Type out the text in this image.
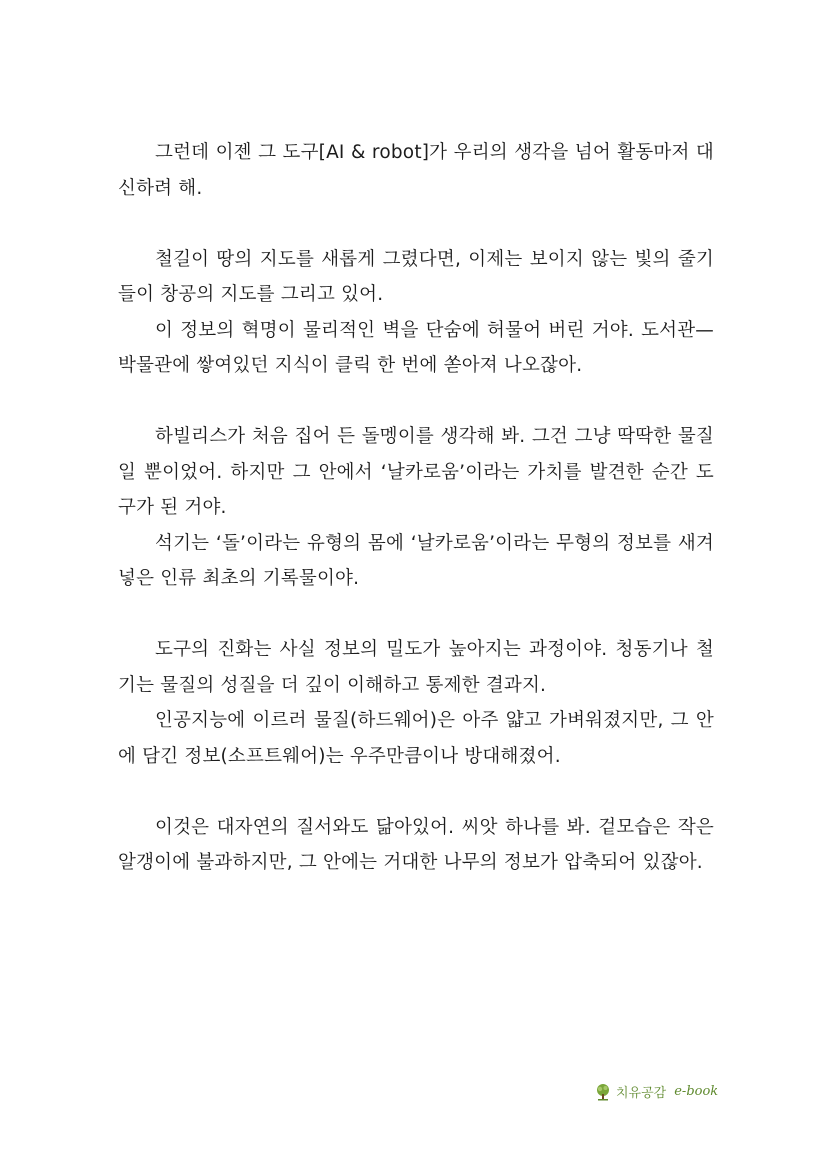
그런데 이젠 그 도구[AI & robot]가 우리의 생각을 넘어 활동마저 대신하려 해.

철길이 땅의 지도를 새롭게 그렸다면, 이제는 보이지 않는 빛의 줄기들이 창공의 지도를 그리고 있어.

이 정보의 혁명이 물리적인 벽을 단숨에 허물어 버린 거야. 도서관—박물관에 쌓여있던 지식이 클릭 한 번에 쏟아져 나오잖아.

하빌리스가 처음 집어 든 돌멩이를 생각해 봐. 그건 그냥 딱딱한 물질일 뿐이었어. 하지만 그 안에서 ‘날카로움’이라는 가치를 발견한 순간 도구가 된 거야.

석기는 ‘돌’이라는 유형의 몸에 ‘날카로움’이라는 무형의 정보를 새겨 넣은 인류 최초의 기록물이야.

도구의 진화는 사실 정보의 밀도가 높아지는 과정이야. 청동기나 철기는 물질의 성질을 더 깊이 이해하고 통제한 결과지.

인공지능에 이르러 물질(하드웨어)은 아주 얇고 가벼워졌지만, 그 안에 담긴 정보(소프트웨어)는 우주만큼이나 방대해졌어.

이것은 대자연의 질서와도 닮아있어. 씨앗 하나를 봐. 겉모습은 작은 알갱이에 불과하지만, 그 안에는 거대한 나무의 정보가 압축되어 있잖아.

치유공감 e-book
